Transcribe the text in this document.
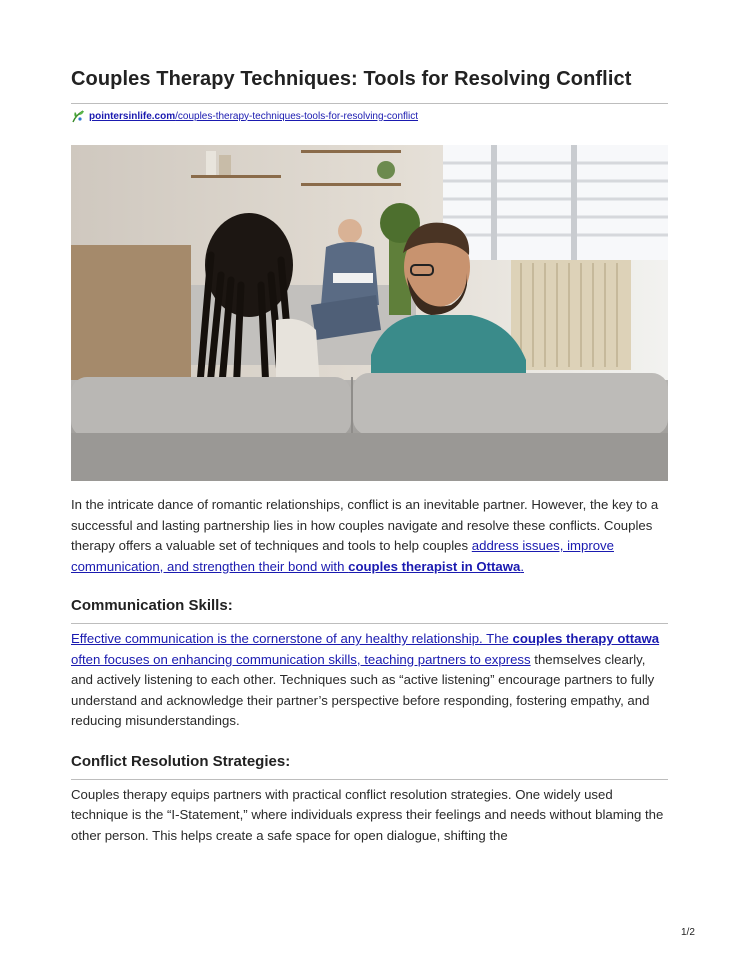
Couples Therapy Techniques: Tools for Resolving Conflict
pointersinlife.com/couples-therapy-techniques-tools-for-resolving-conflict

In the intricate dance of romantic relationships, conflict is an inevitable partner. However, the key to a successful and lasting partnership lies in how couples navigate and resolve these conflicts. Couples therapy offers a valuable set of techniques and tools to help couples address issues, improve communication, and strengthen their bond with couples therapist in Ottawa.

Communication Skills:

Effective communication is the cornerstone of any healthy relationship. The couples therapy ottawa often focuses on enhancing communication skills, teaching partners to express themselves clearly, and actively listening to each other. Techniques such as “active listening” encourage partners to fully understand and acknowledge their partner’s perspective before responding, fostering empathy, and reducing misunderstandings.

Conflict Resolution Strategies:

Couples therapy equips partners with practical conflict resolution strategies. One widely used technique is the “I-Statement,” where individuals express their feelings and needs without blaming the other person. This helps create a safe space for open dialogue, shifting the

1/2
